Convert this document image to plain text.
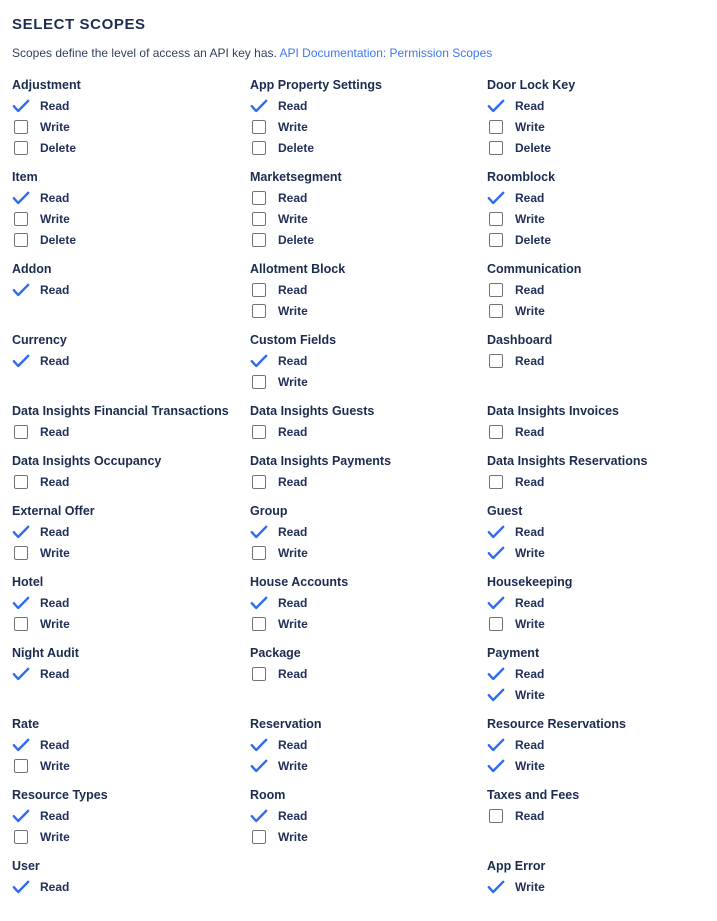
SELECT SCOPES

Scopes define the level of access an API key has. API Documentation: Permission Scopes

Adjustment
Read
Write
Delete
App Property Settings
Read
Write
Delete
Door Lock Key
Read
Write
Delete
Item
Read
Write
Delete
Marketsegment
Read
Write
Delete
Roomblock
Read
Write
Delete
Addon
Read
Allotment Block
Read
Write
Communication
Read
Write
Currency
Read
Custom Fields
Read
Write
Dashboard
Read
Data Insights Financial Transactions
Read
Data Insights Guests
Read
Data Insights Invoices
Read
Data Insights Occupancy
Read
Data Insights Payments
Read
Data Insights Reservations
Read
External Offer
Read
Write
Group
Read
Write
Guest
Read
Write
Hotel
Read
Write
House Accounts
Read
Write
Housekeeping
Read
Write
Night Audit
Read
Package
Read
Payment
Read
Write
Rate
Read
Write
Reservation
Read
Write
Resource Reservations
Read
Write
Resource Types
Read
Write
Room
Read
Write
Taxes and Fees
Read
User
Read
App Error
Write
